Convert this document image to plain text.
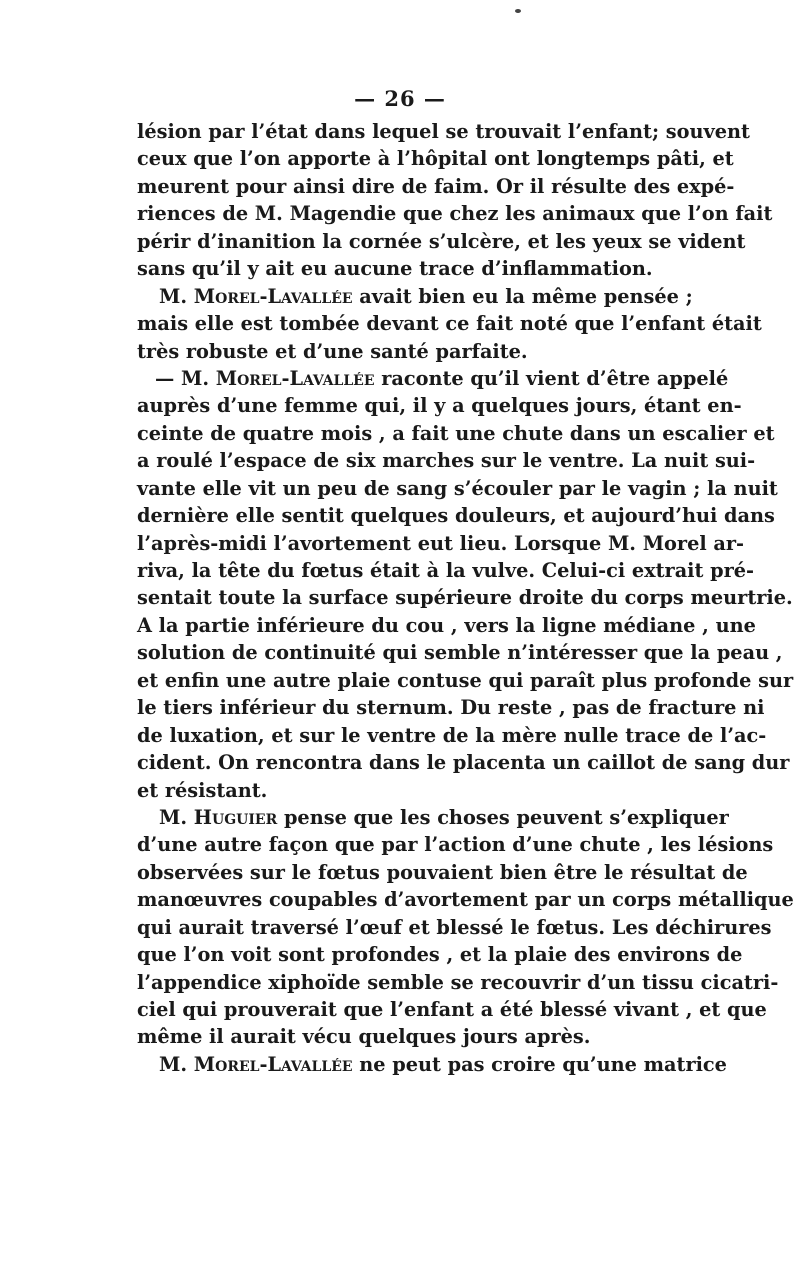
— 26 —
lésion par l’état dans lequel se trouvait l’enfant; souvent
ceux que l’on apporte à l’hôpital ont longtemps pâti, et
meurent pour ainsi dire de faim. Or il résulte des expé-
riences de M. Magendie que chez les animaux que l’on fait
périr d’inanition la cornée s’ulcère, et les yeux se vident
sans qu’il y ait eu aucune trace d’inflammation.
M. Morel-Lavallée avait bien eu la même pensée ;
mais elle est tombée devant ce fait noté que l’enfant était
très robuste et d’une santé parfaite.
— M. Morel-Lavallée raconte qu’il vient d’être appelé
auprès d’une femme qui, il y a quelques jours, étant en-
ceinte de quatre mois , a fait une chute dans un escalier et
a roulé l’espace de six marches sur le ventre. La nuit sui-
vante elle vit un peu de sang s’écouler par le vagin ; la nuit
dernière elle sentit quelques douleurs, et aujourd’hui dans
l’après-midi l’avortement eut lieu. Lorsque M. Morel ar-
riva, la tête du fœtus était à la vulve. Celui-ci extrait pré-
sentait toute la surface supérieure droite du corps meurtrie.
A la partie inférieure du cou , vers la ligne médiane , une
solution de continuité qui semble n’intéresser que la peau ,
et enfin une autre plaie contuse qui paraît plus profonde sur
le tiers inférieur du sternum. Du reste , pas de fracture ni
de luxation, et sur le ventre de la mère nulle trace de l’ac-
cident. On rencontra dans le placenta un caillot de sang dur
et résistant.
M. Huguier pense que les choses peuvent s’expliquer
d’une autre façon que par l’action d’une chute , les lésions
observées sur le fœtus pouvaient bien être le résultat de
manœuvres coupables d’avortement par un corps métallique
qui aurait traversé l’œuf et blessé le fœtus. Les déchirures
que l’on voit sont profondes , et la plaie des environs de
l’appendice xiphoïde semble se recouvrir d’un tissu cicatri-
ciel qui prouverait que l’enfant a été blessé vivant , et que
même il aurait vécu quelques jours après.
M. Morel-Lavallée ne peut pas croire qu’une matrice
